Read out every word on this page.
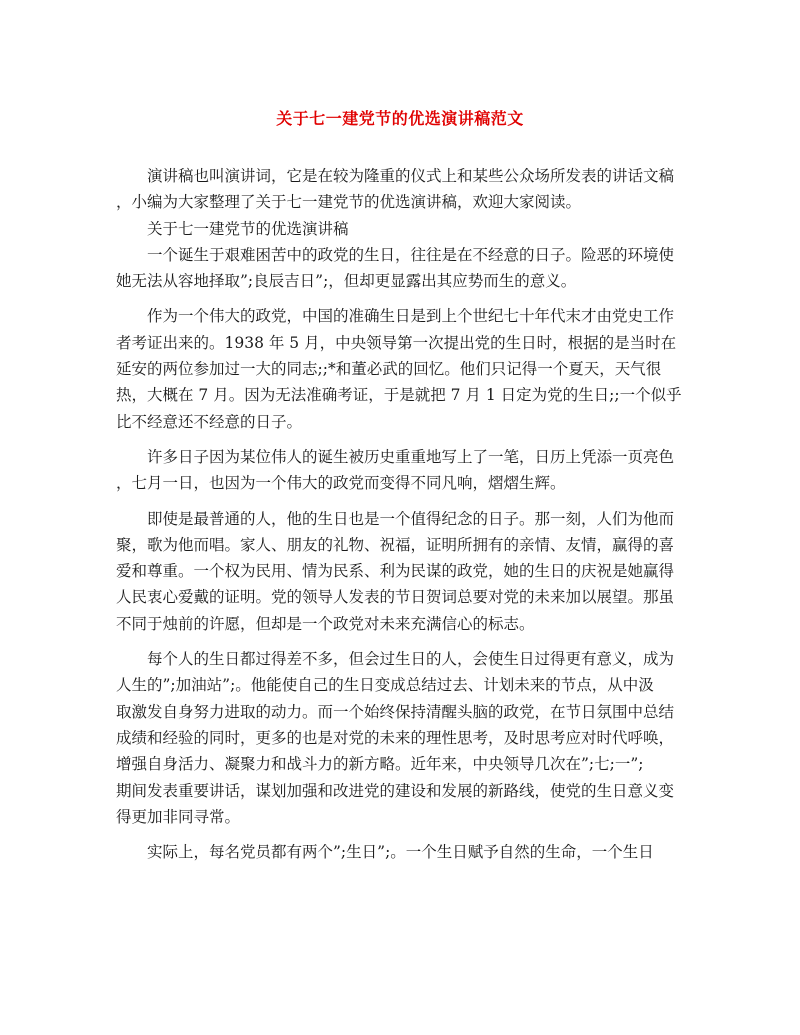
关于七一建党节的优选演讲稿范文
演讲稿也叫演讲词，它是在较为隆重的仪式上和某些公众场所发表的讲话文稿
，小编为大家整理了关于七一建党节的优选演讲稿，欢迎大家阅读。
关于七一建党节的优选演讲稿
一个诞生于艰难困苦中的政党的生日，往往是在不经意的日子。险恶的环境使
她无法从容地择取”;良辰吉日”;，但却更显露出其应势而生的意义。
作为一个伟大的政党，中国的准确生日是到上个世纪七十年代末才由党史工作
者考证出来的。1938 年 5 月，中央领导第一次提出党的生日时，根据的是当时在
延安的两位参加过一大的同志;;*和董必武的回忆。他们只记得一个夏天，天气很
热，大概在 7 月。因为无法准确考证，于是就把 7 月 1 日定为党的生日;;一个似乎
比不经意还不经意的日子。
许多日子因为某位伟人的诞生被历史重重地写上了一笔，日历上凭添一页亮色
，七月一日，也因为一个伟大的政党而变得不同凡响，熠熠生辉。
即使是最普通的人，他的生日也是一个值得纪念的日子。那一刻，人们为他而
聚，歌为他而唱。家人、朋友的礼物、祝福，证明所拥有的亲情、友情，赢得的喜
爱和尊重。一个权为民用、情为民系、利为民谋的政党，她的生日的庆祝是她赢得
人民衷心爱戴的证明。党的领导人发表的节日贺词总要对党的未来加以展望。那虽
不同于烛前的许愿，但却是一个政党对未来充满信心的标志。
每个人的生日都过得差不多，但会过生日的人，会使生日过得更有意义，成为
人生的”;加油站”;。他能使自己的生日变成总结过去、计划未来的节点，从中汲
取激发自身努力进取的动力。而一个始终保持清醒头脑的政党，在节日氛围中总结
成绩和经验的同时，更多的也是对党的未来的理性思考，及时思考应对时代呼唤，
增强自身活力、凝聚力和战斗力的新方略。近年来，中央领导几次在”;七;一”;
期间发表重要讲话，谋划加强和改进党的建设和发展的新路线，使党的生日意义变
得更加非同寻常。
实际上，每名党员都有两个”;生日”;。一个生日赋予自然的生命，一个生日
